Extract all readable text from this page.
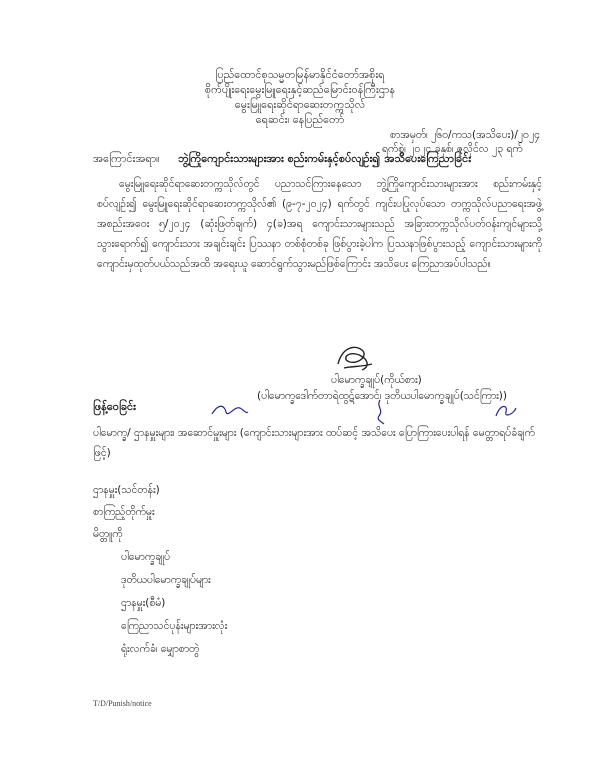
ပြည်ထောင်စုသမ္မတမြန်မာနိုင်ငံတော်အစိုးရ
စိုက်ပျိုးရေးမွေးမြူရေးနှင့်ဆည်မြောင်းဝန်ကြီးဌာန
မွေးမြူရေးဆိုင်ရာဆေးတက္ကသိုလ်
ရေဆင်း၊ နေပြည်တော်
စာအမှတ်၊ ၂၆၀/ကသ(အသိပေး)/၂၀၂၄
ရက်စွဲ၊ ၂၀၂၄ ခုနှစ်၊ ဇူလိုင်လ ၂၃ ရက်
အကြောင်းအရာ။ ဘွဲ့ကြိုကျောင်းသားများအား စည်းကမ်းနှင့်စပ်လျဉ်း၍ အသိပေးကြေညာခြင်း
မွေးမြူရေးဆိုင်ရာဆေးတက္ကသိုလ်တွင် ပညာသင်ကြားနေသော ဘွဲ့ကြိုကျောင်းသားများအား စည်းကမ်းနှင့်စပ်လျဉ်း၍ မွေးမြူရေးဆိုင်ရာဆေးတက္ကသိုလ်၏ (၉-၇-၂၀၂၄) ရက်တွင် ကျင်းပပြုလုပ်သော တက္ကသိုလ်ပညာရေးအဖွဲ့ အစည်းအဝေး ၅/၂၀၂၄ (ဆုံးဖြတ်ချက်) ၄(ခ)အရ ကျောင်းသားများသည် အခြားတက္ကသိုလ်ပတ်ဝန်းကျင်များသို့ သွားရောက်၍ ကျောင်းသား အချင်းချင်း ပြဿနာ တစ်စုံတစ်ခု ဖြစ်ပွားခဲ့ပါက ပြဿနာဖြစ်ပွားသည့် ကျောင်းသားများကို ကျောင်းမှထုတ်ပယ်သည်အထိ အရေးယူ ဆောင်ရွက်သွားမည်ဖြစ်ကြောင်း အသိပေး ကြေညာအပ်ပါသည်။
ပါမောက္ခချုပ်(ကိုယ်စား)
(ပါမောက္ခဒေါက်တာရဲထွဋ်အောင်၊ ဒုတိယပါမောက္ခချုပ်(သင်ကြား))
ဖြန့်ဝေခြင်း
ပါမောက္ခ/ ဌာနမှူးများ၊ အဆောင်မှူးများ (ကျောင်းသားများအား ထပ်ဆင့် အသိပေး ပြောကြားပေးပါရန် မေတ္တာရပ်ခံချက်ဖြင့်)
ဌာနမှူး(သင်တန်း)
စာကြည့်တိုက်မှူး
မိတ္တူကို
ပါမောက္ခချုပ်
ဒုတိယပါမောက္ခချုပ်များ
ဌာနမှူး(စီမံ)
ကြေညာသင်ပုန်းများအားလုံး
ရုံးလက်ခံ၊ မျှောစာတွဲ
T/D/Punish/notice
